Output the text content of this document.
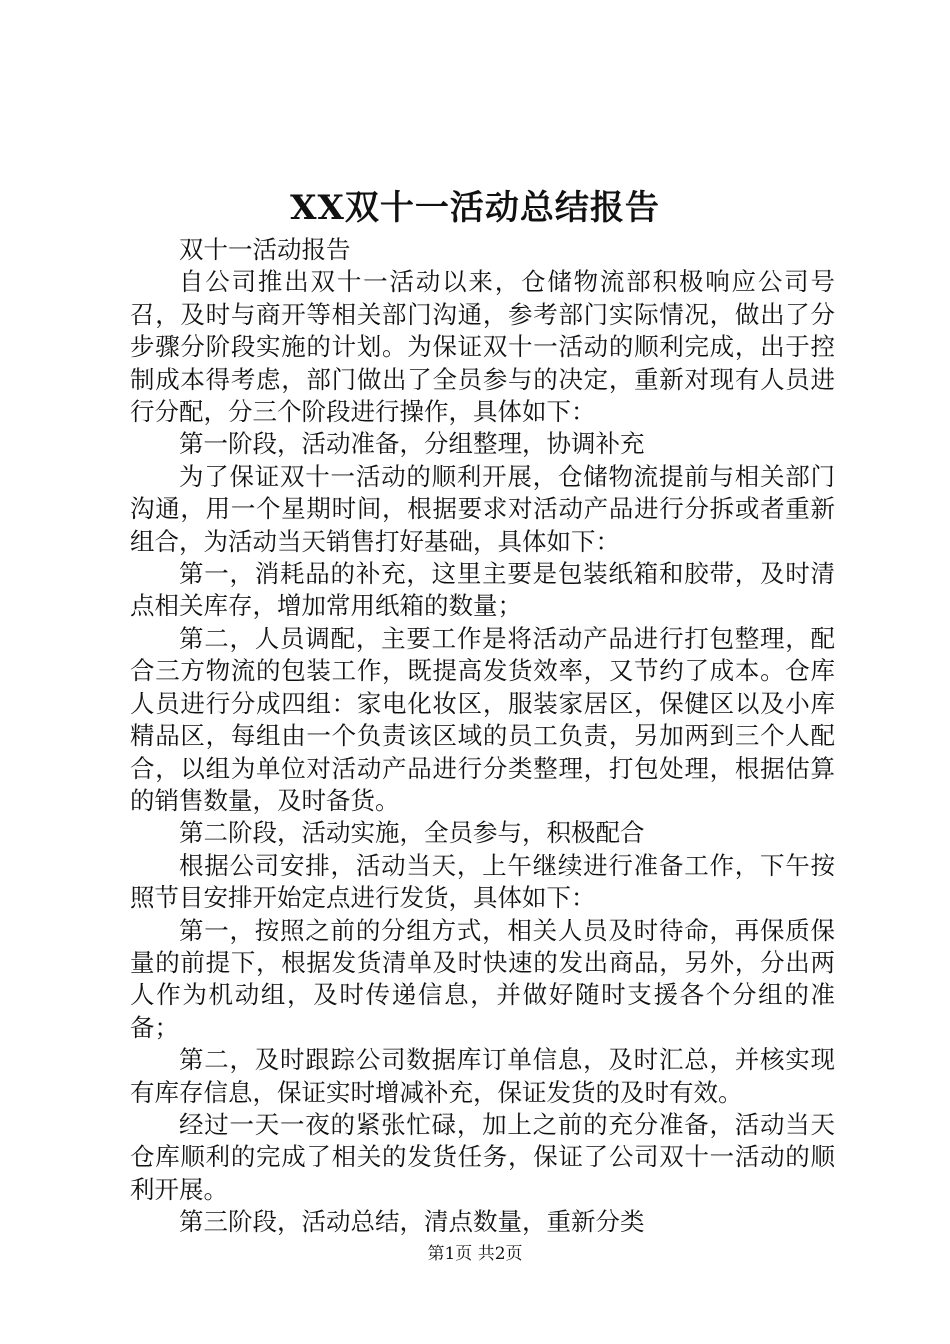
XX双十一活动总结报告

双十一活动报告

自公司推出双十一活动以来，仓储物流部积极响应公司号召，及时与商开等相关部门沟通，参考部门实际情况，做出了分步骤分阶段实施的计划。为保证双十一活动的顺利完成，出于控制成本得考虑，部门做出了全员参与的决定，重新对现有人员进行分配，分三个阶段进行操作，具体如下：

第一阶段，活动准备，分组整理，协调补充

为了保证双十一活动的顺利开展，仓储物流提前与相关部门沟通，用一个星期时间，根据要求对活动产品进行分拆或者重新组合，为活动当天销售打好基础，具体如下：

第一，消耗品的补充，这里主要是包装纸箱和胶带，及时清点相关库存，增加常用纸箱的数量；

第二，人员调配，主要工作是将活动产品进行打包整理，配合三方物流的包装工作，既提高发货效率，又节约了成本。仓库人员进行分成四组：家电化妆区，服装家居区，保健区以及小库精品区，每组由一个负责该区域的员工负责，另加两到三个人配合，以组为单位对活动产品进行分类整理，打包处理，根据估算的销售数量，及时备货。

第二阶段，活动实施，全员参与，积极配合

根据公司安排，活动当天，上午继续进行准备工作，下午按照节目安排开始定点进行发货，具体如下：

第一，按照之前的分组方式，相关人员及时待命，再保质保量的前提下，根据发货清单及时快速的发出商品，另外，分出两人作为机动组，及时传递信息，并做好随时支援各个分组的准备；

第二，及时跟踪公司数据库订单信息，及时汇总，并核实现有库存信息，保证实时增减补充，保证发货的及时有效。

经过一天一夜的紧张忙碌，加上之前的充分准备，活动当天仓库顺利的完成了相关的发货任务，保证了公司双十一活动的顺利开展。

第三阶段，活动总结，清点数量，重新分类

第1页 共2页
